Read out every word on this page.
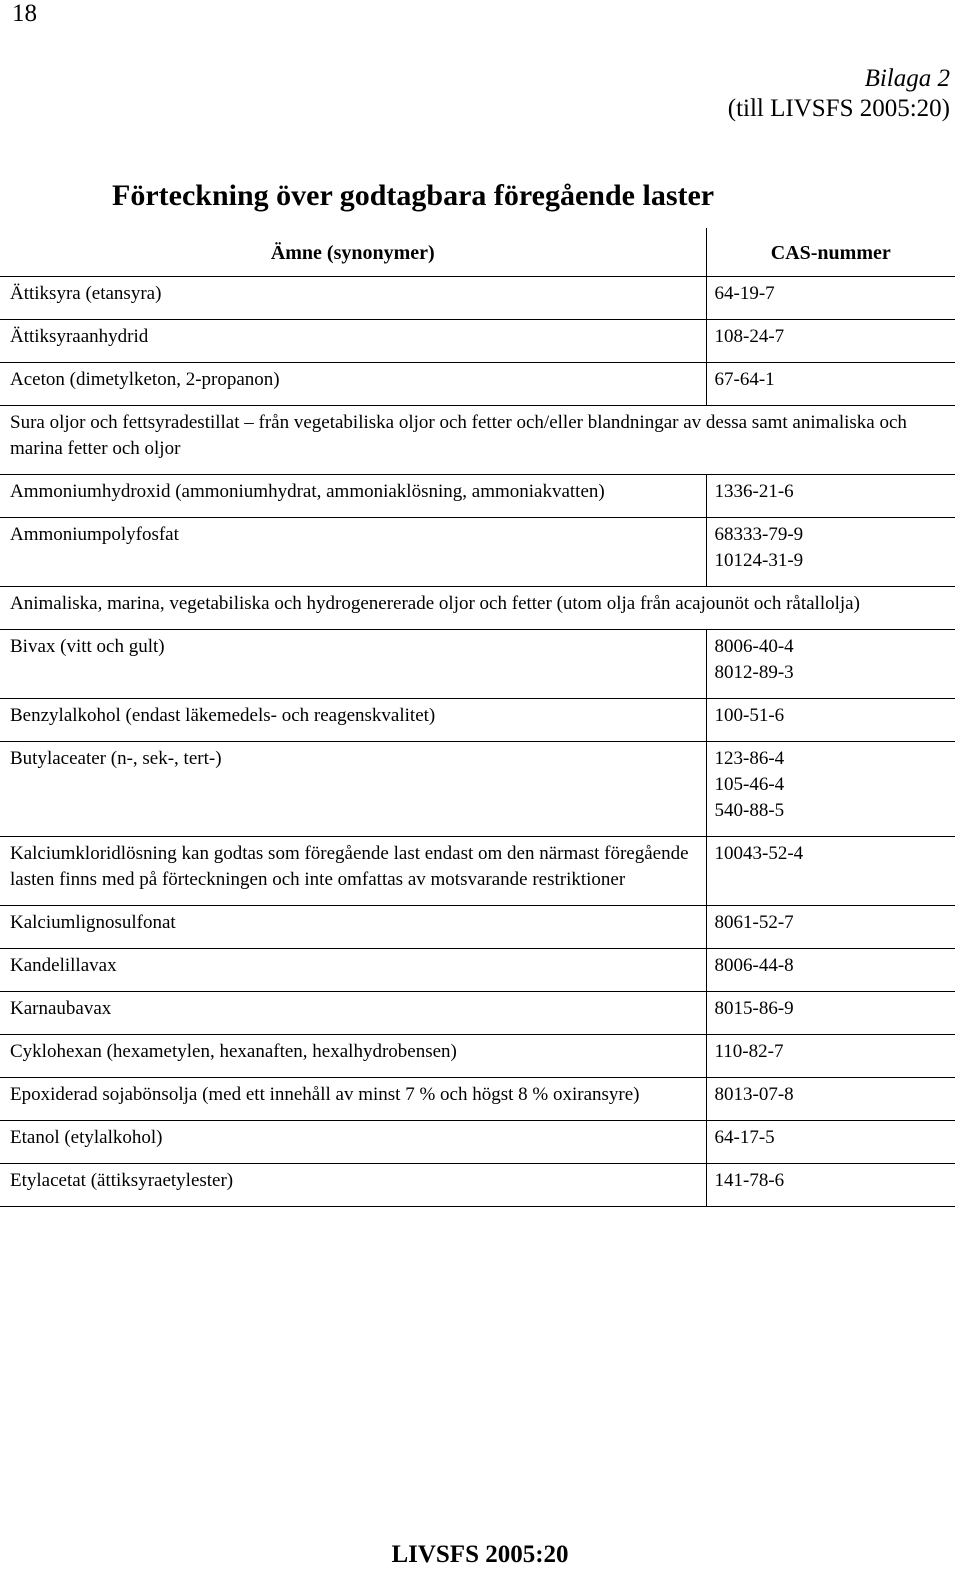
18
Bilaga 2
(till LIVSFS 2005:20)
Förteckning över godtagbara föregående laster
Ämne (synonymer)	CAS-nummer
Ättiksyra (etansyra)	64-19-7

Ättiksyraanhydrid	108-24-7

Aceton (dimetylketon, 2-propanon)	67-64-1

Sura oljor och fettsyradestillat – från vegetabiliska oljor och fetter och/eller blandningar av dessa samt animaliska och marina fetter och oljor	
Ammoniumhydroxid (ammoniumhydrat, ammoniaklösning, ammoniakvatten)	1336-21-6

Ammoniumpolyfosfat	68333-79-9
10124-31-9

Animaliska, marina, vegetabiliska och hydrogenererade oljor och fetter (utom olja från acajounöt och råtallolja)	
Bivax (vitt och gult)	8006-40-4
8012-89-3

Benzylalkohol (endast läkemedels- och reagenskvalitet)	100-51-6

Butylaceater (n-, sek-, tert-)	123-86-4
105-46-4
540-88-5

Kalciumkloridlösning kan godtas som föregående last endast om den närmast föregående lasten finns med på förteckningen och inte omfattas av motsvarande restriktioner	10043-52-4

Kalciumlignosulfonat	8061-52-7

Kandelillavax	8006-44-8

Karnaubavax	8015-86-9

Cyklohexan (hexametylen, hexanaften, hexalhydrobensen)	110-82-7

Epoxiderad sojabönsolja (med ett innehåll av minst 7 % och högst 8 % oxiransyre)	8013-07-8

Etanol (etylalkohol)	64-17-5

Etylacetat (ättiksyraetylester)	141-78-6
LIVSFS 2005:20
